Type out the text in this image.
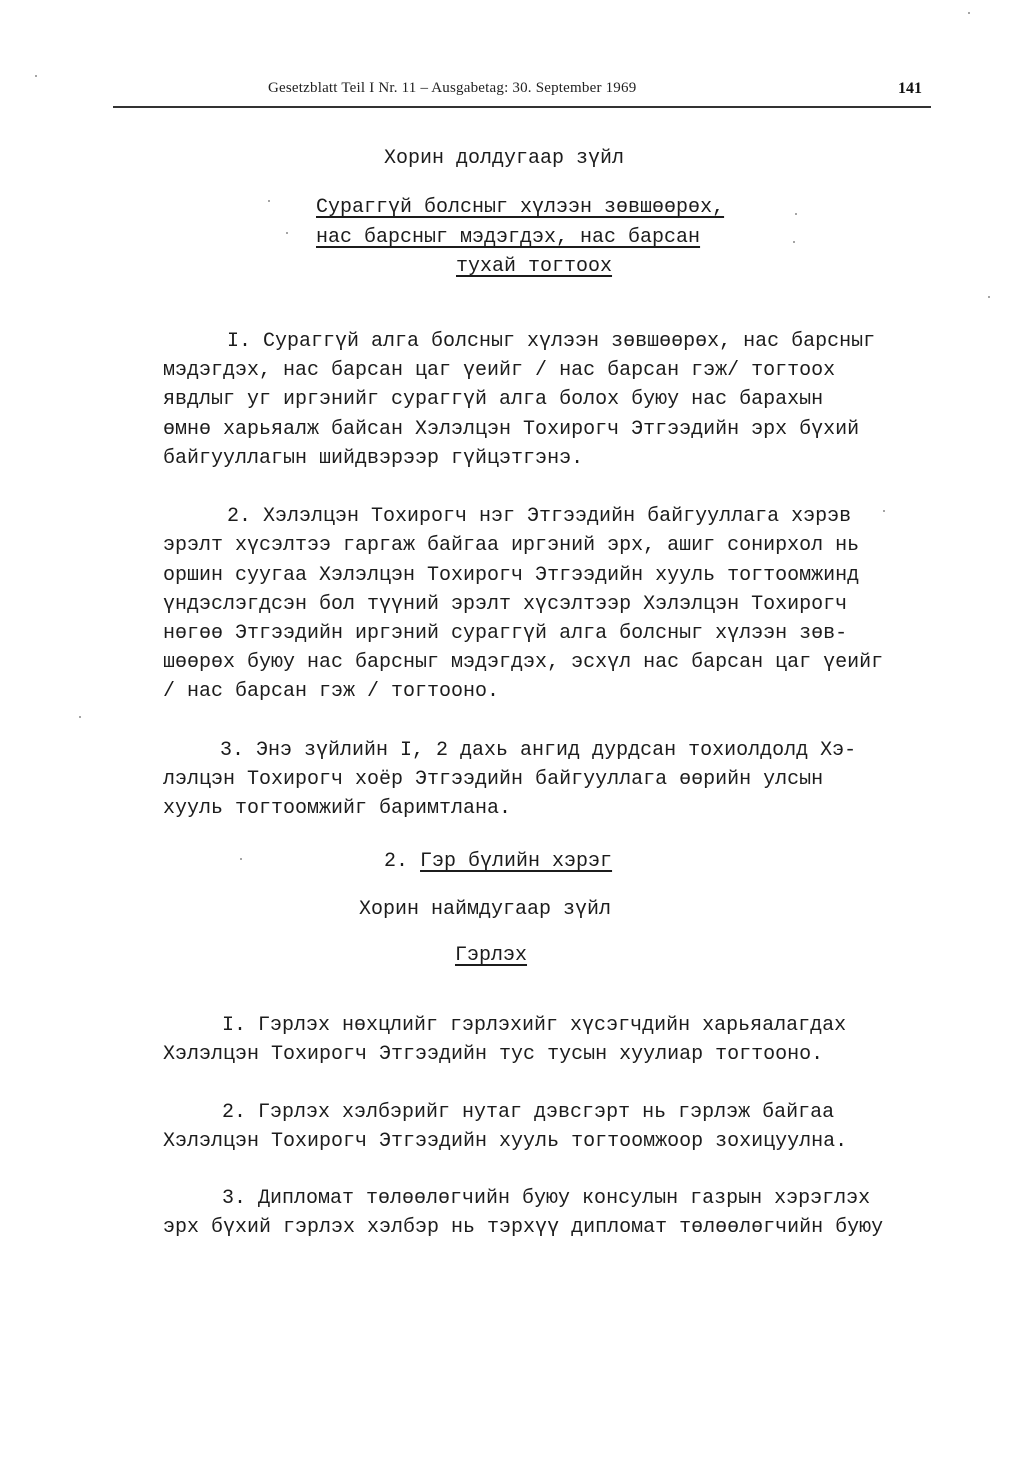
Gesetzblatt Teil I Nr. 11 – Ausgabetag: 30. September 1969	141
Хорин долдугаар зүйл
Сураггүй болсныг хүлээн зөвшөөрөх,
нас барсныг мэдэгдэх, нас барсан
тухай тогтоох
I. Сураггүй алга болсныг хүлээн зөвшөөрөх, нас барсныг
мэдэгдэх, нас барсан цаг үеийг / нас барсан гэж/ тогтоох
явдлыг уг иргэнийг сураггүй алга болох буюу нас барахын
өмнө харьяалж байсан Хэлэлцэн Тохирогч Этгээдийн эрх бүхий
байгууллагын шийдвэрээр гүйцэтгэнэ.
2. Хэлэлцэн Тохирогч нэг Этгээдийн байгууллага хэрэв
эрэлт хүсэлтээ гаргаж байгаа иргэний эрх, ашиг сонирхол нь
оршин суугаа Хэлэлцэн Тохирогч Этгээдийн хууль тогтоомжинд
үндэслэгдсэн бол түүний эрэлт хүсэлтээр Хэлэлцэн Тохирогч
нөгөө Этгээдийн иргэний сураггүй алга болсныг хүлээн зөв-
шөөрөх буюу нас барсныг мэдэгдэх, эсхүл нас барсан цаг үеийг
/ нас барсан гэж / тогтооно.
3. Энэ зүйлийн I, 2 дахь ангид дурдсан тохиолдолд Хэ-
лэлцэн Тохирогч хоёр Этгээдийн байгууллага өөрийн улсын
хууль тогтоомжийг баримтлана.
2. Гэр бүлийн хэрэг
Хорин наймдугаар зүйл
Гэрлэх
I. Гэрлэх нөхцлийг гэрлэхийг хүсэгчдийн харьяалагдах
Хэлэлцэн Тохирогч Этгээдийн тус тусын хуулиар тогтооно.
2. Гэрлэх хэлбэрийг нутаг дэвсгэрт нь гэрлэж байгаа
Хэлэлцэн Тохирогч Этгээдийн хууль тогтоомжоор зохицуулна.
3. Дипломат төлөөлөгчийн буюу консулын газрын хэрэглэх
эрх бүхий гэрлэх хэлбэр нь тэрхүү дипломат төлөөлөгчийн буюу
